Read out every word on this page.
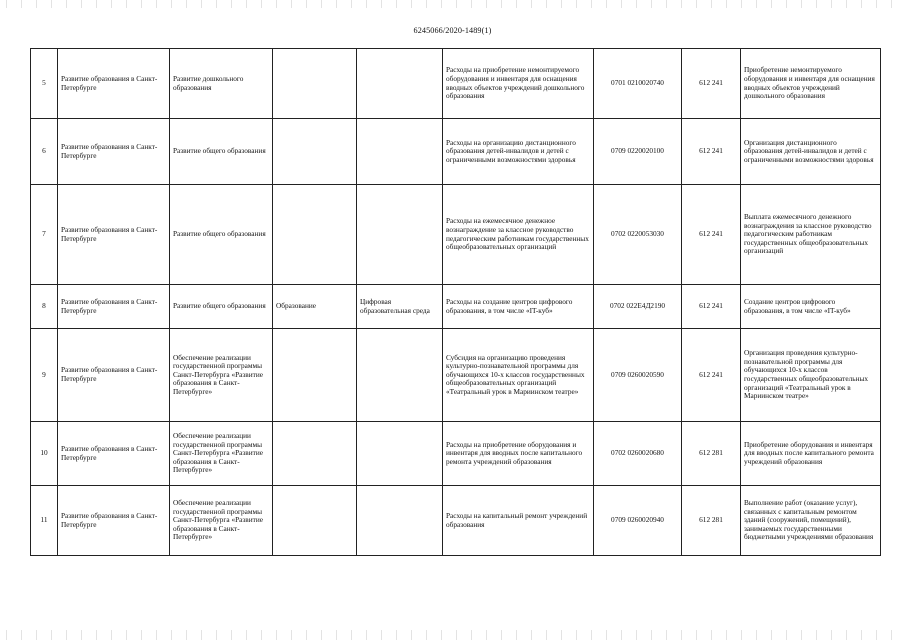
6245066/2020-1489(1)
5	Развитие образования в Санкт-Петербурге	Развитие дошкольного образования			Расходы на приобретение немонтируемого оборудования и инвентаря для оснащения вводных объектов учреждений дошкольного образования	0701 0210020740	612 241	Приобретение немонтируемого оборудования и инвентаря для оснащения вводных объектов учреждений дошкольного образования
6	Развитие образования в Санкт-Петербурге	Развитие общего образования			Расходы на организацию дистанционного образования детей-инвалидов и детей с ограниченными возможностями здоровья	0709 0220020100	612 241	Организация дистанционного образования детей-инвалидов и детей с ограниченными возможностями здоровья
7	Развитие образования в Санкт-Петербурге	Развитие общего образования			Расходы на ежемесячное денежное вознаграждение за классное руководство педагогическим работникам государственных общеобразовательных организаций	0702 0220053030	612 241	Выплата ежемесячного денежного вознаграждения за классное руководство педагогическим работникам государственных общеобразовательных организаций
8	Развитие образования в Санкт-Петербурге	Развитие общего образования	Образование	Цифровая образовательная среда	Расходы на создание центров цифрового образования, в том числе «IT-куб»	0702 022E4Д2190	612 241	Создание центров цифрового образования, в том числе «IT-куб»
9	Развитие образования в Санкт-Петербурге	Обеспечение реализации государственной программы Санкт-Петербурга «Развитие образования в Санкт-Петербурге»			Субсидия на организацию проведения культурно-познавательной программы для обучающихся 10-х классов государственных общеобразовательных организаций «Театральный урок в Мариинском театре»	0709 0260020590	612 241	Организация проведения культурно-познавательной программы для обучающихся 10-х классов государственных общеобразовательных организаций «Театральный урок в Мариинском театре»
10	Развитие образования в Санкт-Петербурге	Обеспечение реализации государственной программы Санкт-Петербурга «Развитие образования в Санкт-Петербурге»			Расходы на приобретение оборудования и инвентаря для вводных после капитального ремонта учреждений образования	0702 0260020680	612 281	Приобретение оборудования и инвентаря для вводных после капитального ремонта учреждений образования
11	Развитие образования в Санкт-Петербурге	Обеспечение реализации государственной программы Санкт-Петербурга «Развитие образования в Санкт-Петербурге»			Расходы на капитальный ремонт учреждений образования	0709 0260020940	612 281	Выполнение работ (оказание услуг), связанных с капитальным ремонтом зданий (сооружений, помещений), занимаемых государственными бюджетными учреждениями образования
